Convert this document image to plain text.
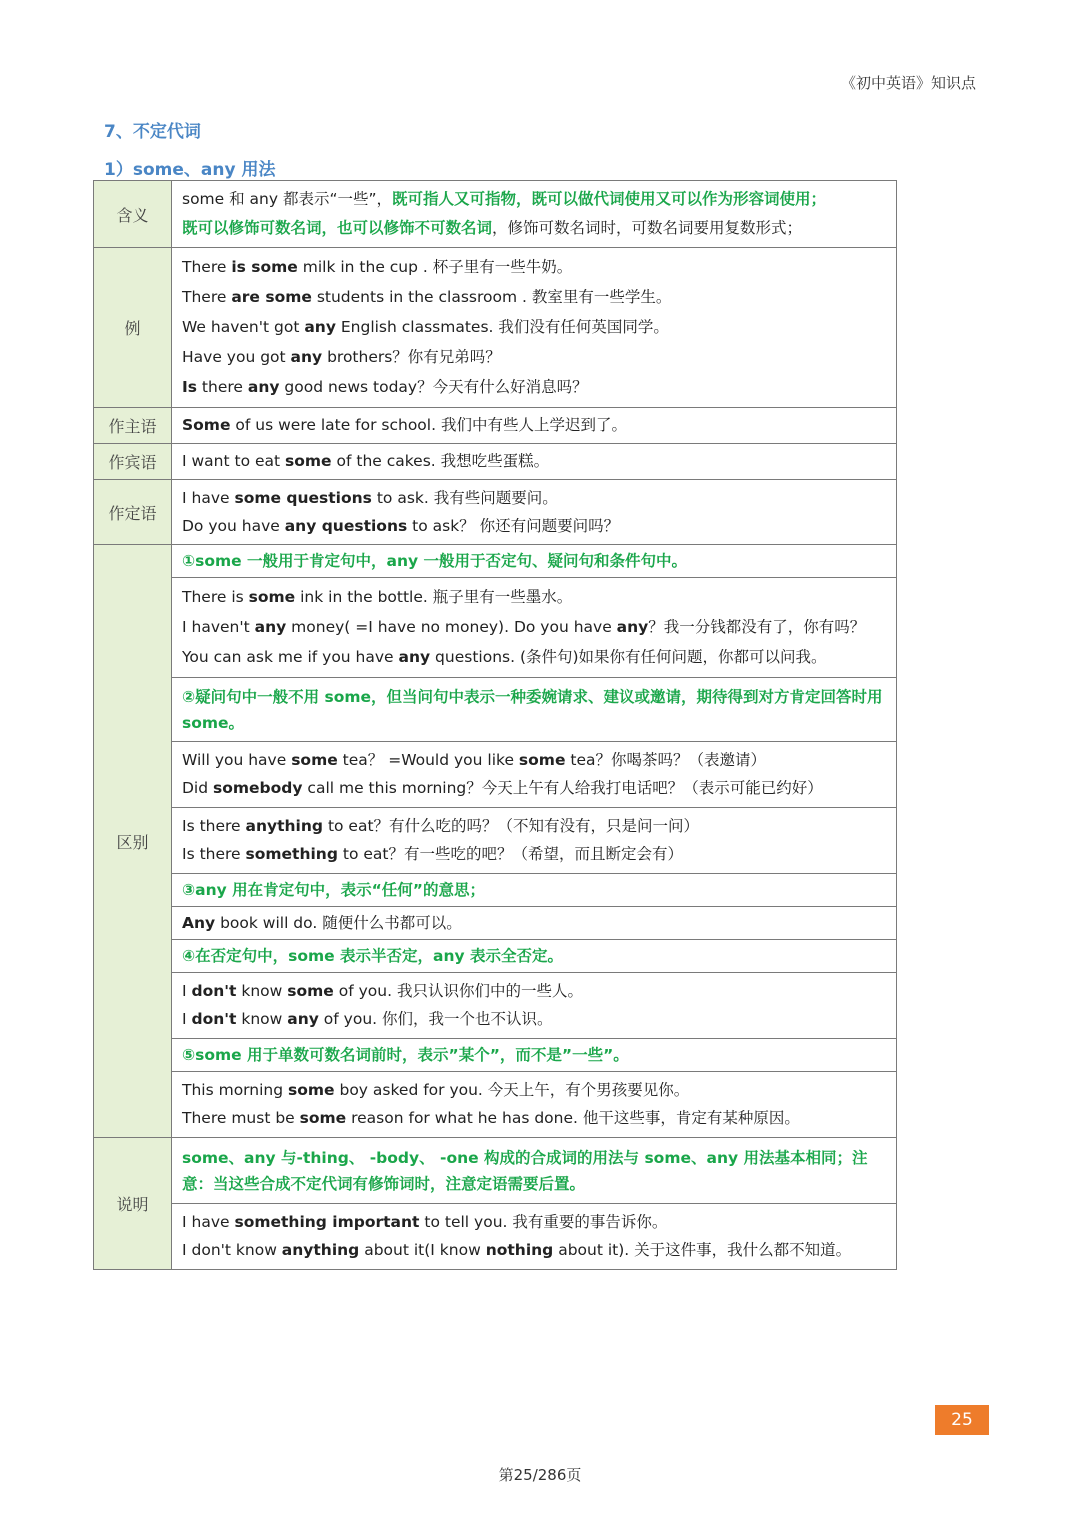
《初中英语》知识点
7、不定代词
1）some、any 用法
含义	some 和 any 都表示“一些”，既可指人又可指物，既可以做代词使用又可以作为形容词使用；
既可以修饰可数名词，也可以修饰不可数名词，修饰可数名词时，可数名词要用复数形式；

例	There is some milk in the cup . 杯子里有一些牛奶。
There are some students in the classroom . 教室里有一些学生。
We haven't got any English classmates. 我们没有任何英国同学。
Have you got any brothers？你有兄弟吗？
Is there any good news today？今天有什么好消息吗？

作主语	Some of us were late for school. 我们中有些人上学迟到了。

作宾语	I want to eat some of the cakes. 我想吃些蛋糕。

作定语	I have some questions to ask. 我有些问题要问。
Do you have any questions to ask？ 你还有问题要问吗？

区别	①some 一般用于肯定句中，any 一般用于否定句、疑问句和条件句中。

	There is some ink in the bottle. 瓶子里有一些墨水。
I haven't any money( =I have no money). Do you have any？我一分钱都没有了，你有吗？
You can ask me if you have any questions. (条件句)如果你有任何问题，你都可以问我。

	②疑问句中一般不用 some，但当问句中表示一种委婉请求、建议或邀请，期待得到对方肯定回答时用 some。

	Will you have some tea？ =Would you like some tea？你喝茶吗？（表邀请）
Did somebody call me this morning？今天上午有人给我打电话吧？（表示可能已约好）

	Is there anything to eat？有什么吃的吗？（不知有没有，只是问一问）
Is there something to eat？有一些吃的吧？（希望，而且断定会有）

	③any 用在肯定句中，表示“任何”的意思；

	Any book will do. 随便什么书都可以。

	④在否定句中，some 表示半否定，any 表示全否定。

	I don't know some of you. 我只认识你们中的一些人。
I don't know any of you. 你们，我一个也不认识。

	⑤some 用于单数可数名词前时，表示”某个”，而不是”一些”。

	This morning some boy asked for you. 今天上午，有个男孩要见你。
There must be some reason for what he has done. 他干这些事，肯定有某种原因。

说明	some、any 与-thing、 -body、 -one 构成的合成词的用法与 some、any 用法基本相同；注意：当这些合成不定代词有修饰词时，注意定语需要后置。

	I have something important to tell you. 我有重要的事告诉你。
I don't know anything about it(I know nothing about it). 关于这件事，我什么都不知道。
25
第25/286页
